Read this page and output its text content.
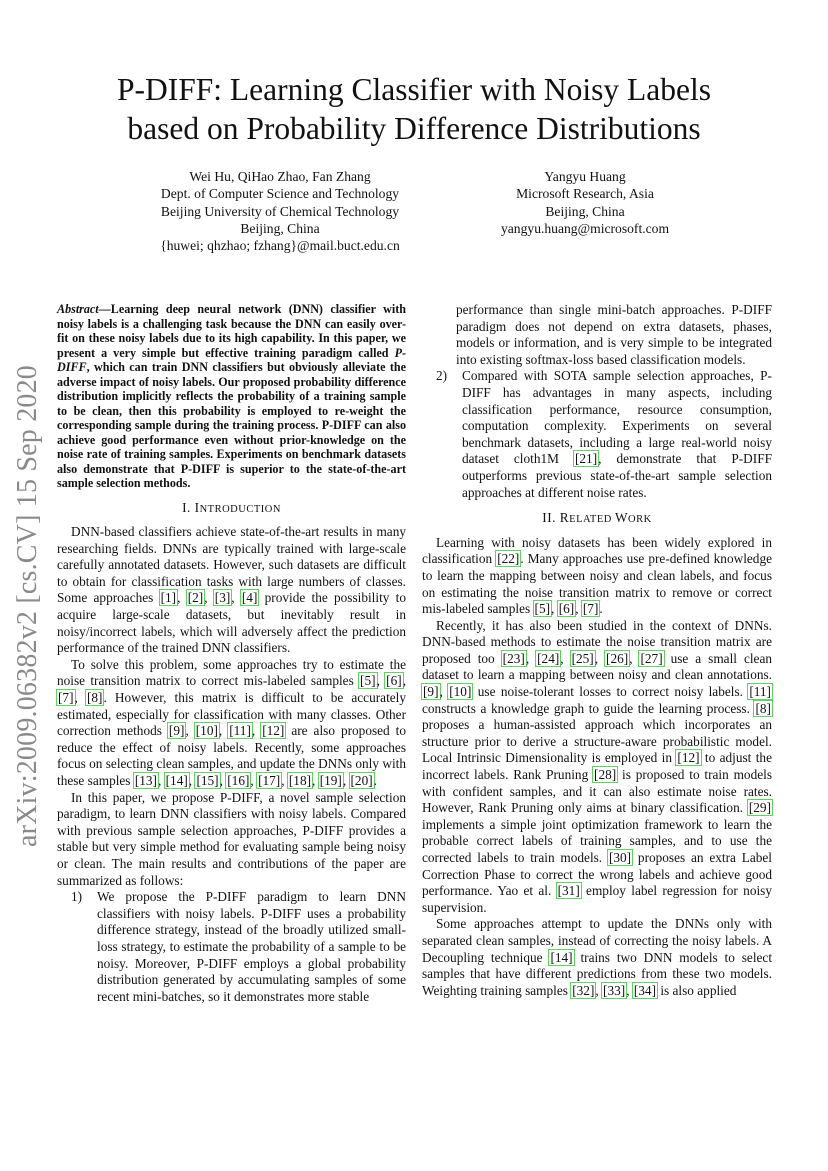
P-DIFF: Learning Classifier with Noisy Labels
based on Probability Difference Distributions
Wei Hu, QiHao Zhao, Fan Zhang
Dept. of Computer Science and Technology
Beijing University of Chemical Technology
Beijing, China
{huwei; qhzhao; fzhang}@mail.buct.edu.cn
Yangyu Huang
Microsoft Research, Asia
Beijing, China
yangyu.huang@microsoft.com
arXiv:2009.06382v2 [cs.CV] 15 Sep 2020

Abstract—Learning deep neural network (DNN) classifier with noisy labels is a challenging task because the DNN can easily over-fit on these noisy labels due to its high capability. In this paper, we present a very simple but effective training paradigm called P-DIFF, which can train DNN classifiers but obviously alleviate the adverse impact of noisy labels. Our proposed probability difference distribution implicitly reflects the probability of a training sample to be clean, then this probability is employed to re-weight the corresponding sample during the training process. P-DIFF can also achieve good performance even without prior-knowledge on the noise rate of training samples. Experiments on benchmark datasets also demonstrate that P-DIFF is superior to the state-of-the-art sample selection methods.

I. INTRODUCTION

DNN-based classifiers achieve state-of-the-art results in many researching fields. DNNs are typically trained with large-scale carefully annotated datasets. However, such datasets are difficult to obtain for classification tasks with large numbers of classes. Some approaches [1], [2], [3], [4] provide the possibility to acquire large-scale datasets, but inevitably result in noisy/incorrect labels, which will adversely affect the prediction performance of the trained DNN classifiers.

To solve this problem, some approaches try to estimate the noise transition matrix to correct mis-labeled samples [5], [6], [7], [8]. However, this matrix is difficult to be accurately estimated, especially for classification with many classes. Other correction methods [9], [10], [11], [12] are also proposed to reduce the effect of noisy labels. Recently, some approaches focus on selecting clean samples, and update the DNNs only with these samples [13], [14], [15], [16], [17], [18], [19], [20].

In this paper, we propose P-DIFF, a novel sample selection paradigm, to learn DNN classifiers with noisy labels. Compared with previous sample selection approaches, P-DIFF provides a stable but very simple method for evaluating sample being noisy or clean. The main results and contributions of the paper are summarized as follows:

1) We propose the P-DIFF paradigm to learn DNN classifiers with noisy labels. P-DIFF uses a probability difference strategy, instead of the broadly utilized small-loss strategy, to estimate the probability of a sample to be noisy. Moreover, P-DIFF employs a global probability distribution generated by accumulating samples of some recent mini-batches, so it demonstrates more stable
performance than single mini-batch approaches. P-DIFF paradigm does not depend on extra datasets, phases, models or information, and is very simple to be integrated into existing softmax-loss based classification models.
2) Compared with SOTA sample selection approaches, P-DIFF has advantages in many aspects, including classification performance, resource consumption, computation complexity. Experiments on several benchmark datasets, including a large real-world noisy dataset cloth1M [21], demonstrate that P-DIFF outperforms previous state-of-the-art sample selection approaches at different noise rates.
II. RELATED WORK

Learning with noisy datasets has been widely explored in classification [22]. Many approaches use pre-defined knowledge to learn the mapping between noisy and clean labels, and focus on estimating the noise transition matrix to remove or correct mis-labeled samples [5], [6], [7].

Recently, it has also been studied in the context of DNNs. DNN-based methods to estimate the noise transition matrix are proposed too [23], [24], [25], [26], [27] use a small clean dataset to learn a mapping between noisy and clean annotations. [9], [10] use noise-tolerant losses to correct noisy labels. [11] constructs a knowledge graph to guide the learning process. [8] proposes a human-assisted approach which incorporates an structure prior to derive a structure-aware probabilistic model. Local Intrinsic Dimensionality is employed in [12] to adjust the incorrect labels. Rank Pruning [28] is proposed to train models with confident samples, and it can also estimate noise rates. However, Rank Pruning only aims at binary classification. [29] implements a simple joint optimization framework to learn the probable correct labels of training samples, and to use the corrected labels to train models. [30] proposes an extra Label Correction Phase to correct the wrong labels and achieve good performance. Yao et al. [31] employ label regression for noisy supervision.

Some approaches attempt to update the DNNs only with separated clean samples, instead of correcting the noisy labels. A Decoupling technique [14] trains two DNN models to select samples that have different predictions from these two models. Weighting training samples [32], [33], [34] is also applied
